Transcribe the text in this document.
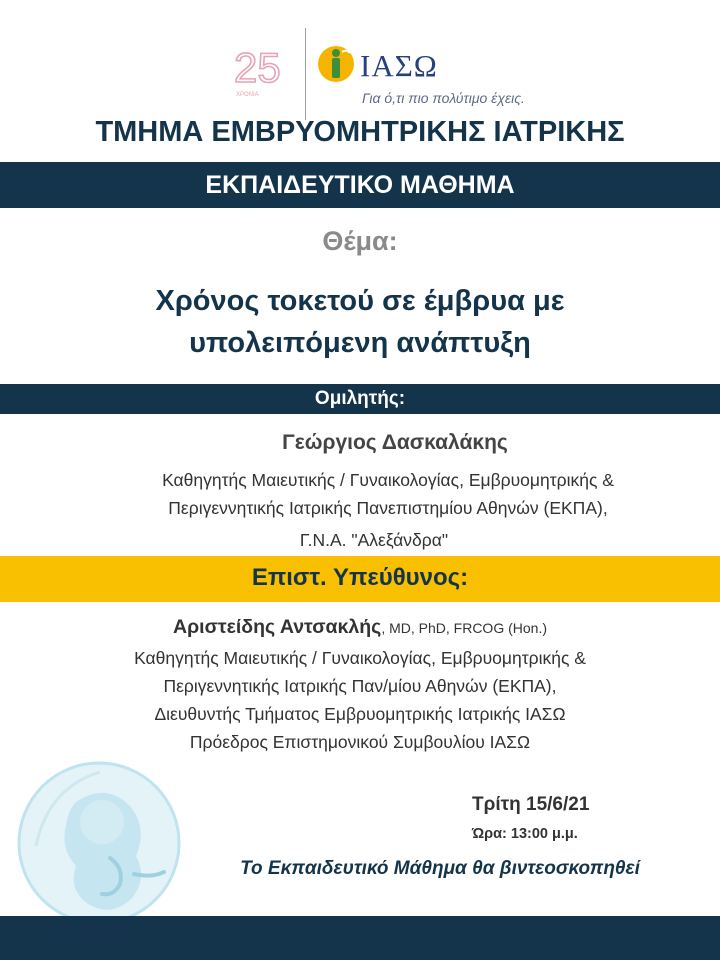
25
ΧΡΟΝΙΑ
ΙΑΣΩ
Για ό,τι πιο πολύτιμο έχεις.
ΤΜΗΜΑ ΕΜΒΡΥΟΜΗΤΡΙΚΗΣ ΙΑΤΡΙΚΗΣ
ΕΚΠΑΙΔΕΥΤΙΚΟ ΜΑΘΗΜΑ
Θέμα:
Χρόνος τοκετού σε έμβρυα με
υπολειπόμενη ανάπτυξη
Ομιλητής:
Γεώργιος Δασκαλάκης
Καθηγητής Μαιευτικής / Γυναικολογίας, Εμβρυομητρικής &
Περιγεννητικής Ιατρικής Πανεπιστημίου Αθηνών (ΕΚΠΑ),
Γ.Ν.Α. "Αλεξάνδρα"
Επιστ. Υπεύθυνος:
Αριστείδης Αντσακλής, MD, PhD, FRCOG (Hon.)
Καθηγητής Μαιευτικής / Γυναικολογίας, Εμβρυομητρικής &
Περιγεννητικής Ιατρικής Παν/μίου Αθηνών (ΕΚΠΑ),
Διευθυντής Τμήματος Εμβρυομητρικής Ιατρικής ΙΑΣΩ
Πρόεδρος Επιστημονικού Συμβουλίου ΙΑΣΩ
Τρίτη 15/6/21
Ώρα: 13:00 μ.μ.
Το Εκπαιδευτικό Μάθημα θα βιντεοσκοπηθεί
